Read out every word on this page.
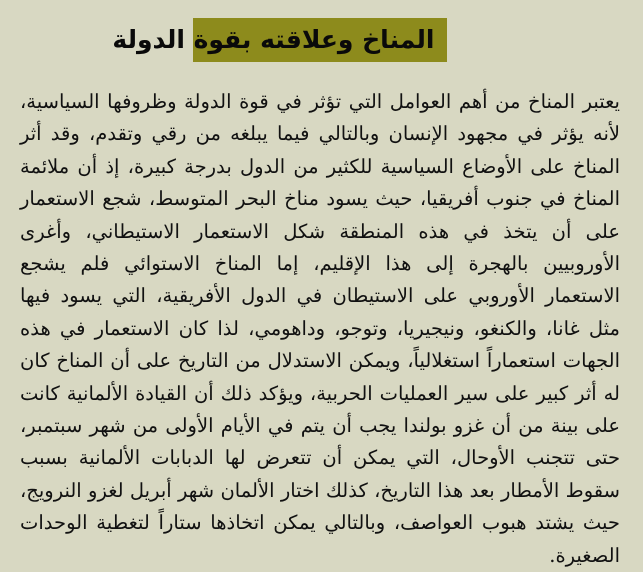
المناخ وعلاقته بقوة الدولة

يعتبر المناخ من أهم العوامل التي تؤثر في قوة الدولة وظروفها السياسية، لأنه يؤثر في مجهود الإنسان وبالتالي فيما يبلغه من رقي وتقدم، وقد أثر المناخ على الأوضاع السياسية للكثير من الدول بدرجة كبيرة، إذ أن ملائمة المناخ في جنوب أفريقيا، حيث يسود مناخ البحر المتوسط، شجع الاستعمار على أن يتخذ في هذه المنطقة شكل الاستعمار الاستيطاني، وأغرى الأوروبيين بالهجرة إلى هذا الإقليم، إما المناخ الاستوائي فلم يشجع الاستعمار الأوروبي على الاستيطان في الدول الأفريقية، التي يسود فيها مثل غانا، والكنغو، ونيجيريا، وتوجو، وداهومي، لذا كان الاستعمار في هذه الجهات استعماراً استغلالياً، ويمكن الاستدلال من التاريخ على أن المناخ كان له أثر كبير على سير العمليات الحربية، ويؤكد ذلك أن القيادة الألمانية كانت على بينة من أن غزو بولندا يجب أن يتم في الأيام الأولى من شهر سبتمبر، حتى تتجنب الأوحال، التي يمكن أن تتعرض لها الدبابات الألمانية بسبب سقوط الأمطار بعد هذا التاريخ، كذلك اختار الألمان شهر أبريل لغزو النرويج، حيث يشتد هبوب العواصف، وبالتالي يمكن اتخاذها ستاراً لتغطية الوحدات الصغيرة.
